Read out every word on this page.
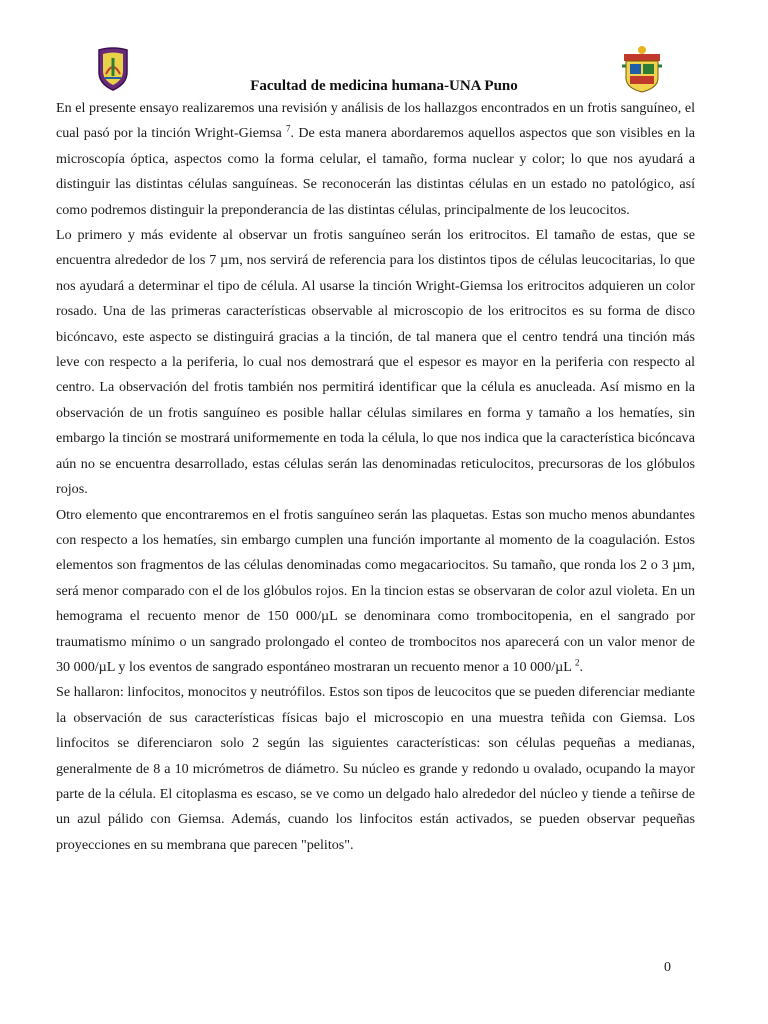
Facultad de medicina humana-UNA Puno

En el presente ensayo realizaremos una revisión y análisis de los hallazgos encontrados en un frotis sanguíneo, el cual pasó por la tinción Wright-Giemsa $^7$. De esta manera abordaremos aquellos aspectos que son visibles en la microscopía óptica, aspectos como la forma celular, el tamaño, forma nuclear y color; lo que nos ayudará a distinguir las distintas células sanguíneas. Se reconocerán las distintas células en un estado no patológico, así como podremos distinguir la preponderancia de las distintas células, principalmente de los leucocitos.

Lo primero y más evidente al observar un frotis sanguíneo serán los eritrocitos. El tamaño de estas, que se encuentra alrededor de los 7 µm, nos servirá de referencia para los distintos tipos de células leucocitarias, lo que nos ayudará a determinar el tipo de célula. Al usarse la tinción Wright-Giemsa los eritrocitos adquieren un color rosado. Una de las primeras características observable al microscopio de los eritrocitos es su forma de disco bicóncavo, este aspecto se distinguirá gracias a la tinción, de tal manera que el centro tendrá una tinción más leve con respecto a la periferia, lo cual nos demostrará que el espesor es mayor en la periferia con respecto al centro. La observación del frotis también nos permitirá identificar que la célula es anucleada. Así mismo en la observación de un frotis sanguíneo es posible hallar células similares en forma y tamaño a los hematíes, sin embargo la tinción se mostrará uniformemente en toda la célula, lo que nos indica que la característica bicóncava aún no se encuentra desarrollado, estas células serán las denominadas reticulocitos, precursoras de los glóbulos rojos.

Otro elemento que encontraremos en el frotis sanguíneo serán las plaquetas. Estas son mucho menos abundantes con respecto a los hematíes, sin embargo cumplen una función importante al momento de la coagulación. Estos elementos son fragmentos de las células denominadas como megacariocitos. Su tamaño, que ronda los 2 o 3 µm, será menor comparado con el de los glóbulos rojos. En la tincion estas se observaran de color azul violeta. En un hemograma el recuento menor de 150 000/µL se denominara como trombocitopenia, en el sangrado por traumatismo mínimo o un sangrado prolongado el conteo de trombocitos nos aparecerá con un valor menor de 30 000/µL y los eventos de sangrado espontáneo mostraran un recuento menor a 10 000/µL $^2$.

Se hallaron: linfocitos, monocitos y neutrófilos. Estos son tipos de leucocitos que se pueden diferenciar mediante la observación de sus características físicas bajo el microscopio en una muestra teñida con Giemsa. Los linfocitos se diferenciaron solo 2 según las siguientes características: son células pequeñas a medianas, generalmente de 8 a 10 micrómetros de diámetro. Su núcleo es grande y redondo u ovalado, ocupando la mayor parte de la célula. El citoplasma es escaso, se ve como un delgado halo alrededor del núcleo y tiende a teñirse de un azul pálido con Giemsa. Además, cuando los linfocitos están activados, se pueden observar pequeñas proyecciones en su membrana que parecen "pelitos".

0
